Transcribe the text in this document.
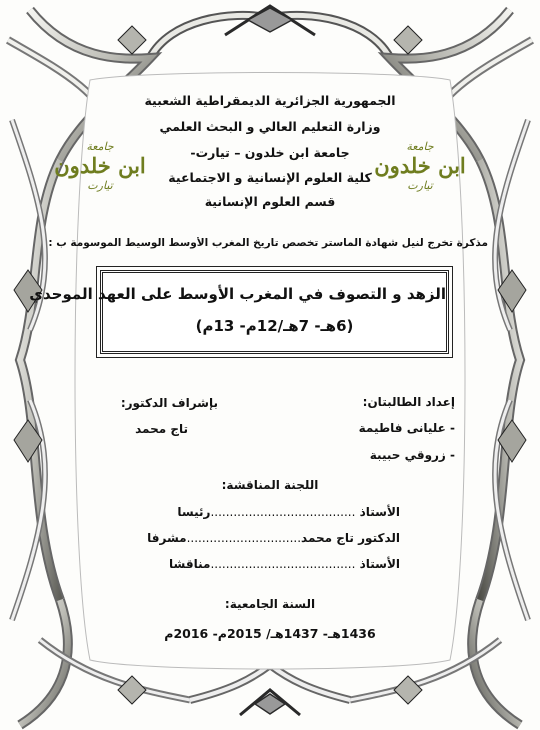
الجمهورية الجزائرية الديمقراطية الشعبية
وزارة التعليم العالي و البحث العلمي
جامعة ابن خلدون – تيارت-
كلية العلوم الإنسانية و الاجتماعية
قسم العلوم الإنسانية
جامعة
ابن خلدون
تيارت
جامعة
ابن خلدون
تيارت
مذكرة تخرج لنيل شهادة الماستر تخصص تاريخ المغرب الأوسط الوسيط الموسومة ب :
الزهد و التصوف في المغرب الأوسط على العهد الموحدي
(6هـ- 7هـ/12م- 13م)
إعداد الطالبتان:
- عليانى فاطيمة
- زروقي حبيبة
بإشراف الدكتور:
تاج محمد
اللجنة المناقشة:
الأستاذ ......................................رئيسا
الدكتور تاج محمد..............................مشرفا
الأستاذ ......................................مناقشا
السنة الجامعية:
1436هـ- 1437هـ/ 2015م- 2016م
